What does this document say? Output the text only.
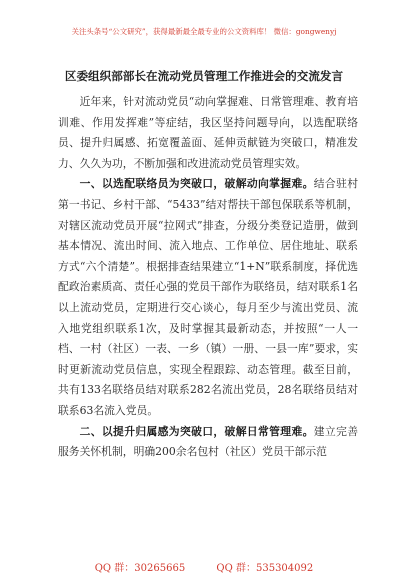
关注头条号“公文研究”，获得最新最全最专业的公文资料库！ 微信：gongwenyj
区委组织部部长在流动党员管理工作推进会的交流发言

近年来，针对流动党员“动向掌握难、日常管理难、教育培训难、作用发挥难”等症结，我区坚持问题导向，以选配联络员、提升归属感、拓宽覆盖面、延伸贡献链为突破口，精准发力、久久为功，不断加强和改进流动党员管理实效。

一、以选配联络员为突破口，破解动向掌握难。结合驻村第一书记、乡村干部、“5433”结对帮扶干部包保联系等机制，对辖区流动党员开展“拉网式”排查，分级分类登记造册，做到基本情况、流出时间、流入地点、工作单位、居住地址、联系方式“六个清楚”。根据排查结果建立“1+N”联系制度，择优选配政治素质高、责任心强的党员干部作为联络员，结对联系1名以上流动党员，定期进行交心谈心，每月至少与流出党员、流入地党组织联系1次，及时掌握其最新动态，并按照“一人一档、一村（社区）一表、一乡（镇）一册、一县一库”要求，实时更新流动党员信息，实现全程跟踪、动态管理。截至目前，共有133名联络员结对联系282名流出党员，28名联络员结对联系63名流入党员。

二、以提升归属感为突破口，破解日常管理难。建立完善服务关怀机制，明确200余名包村（社区）党员干部示范

QQ 群：30265665	QQ 群：535304092
